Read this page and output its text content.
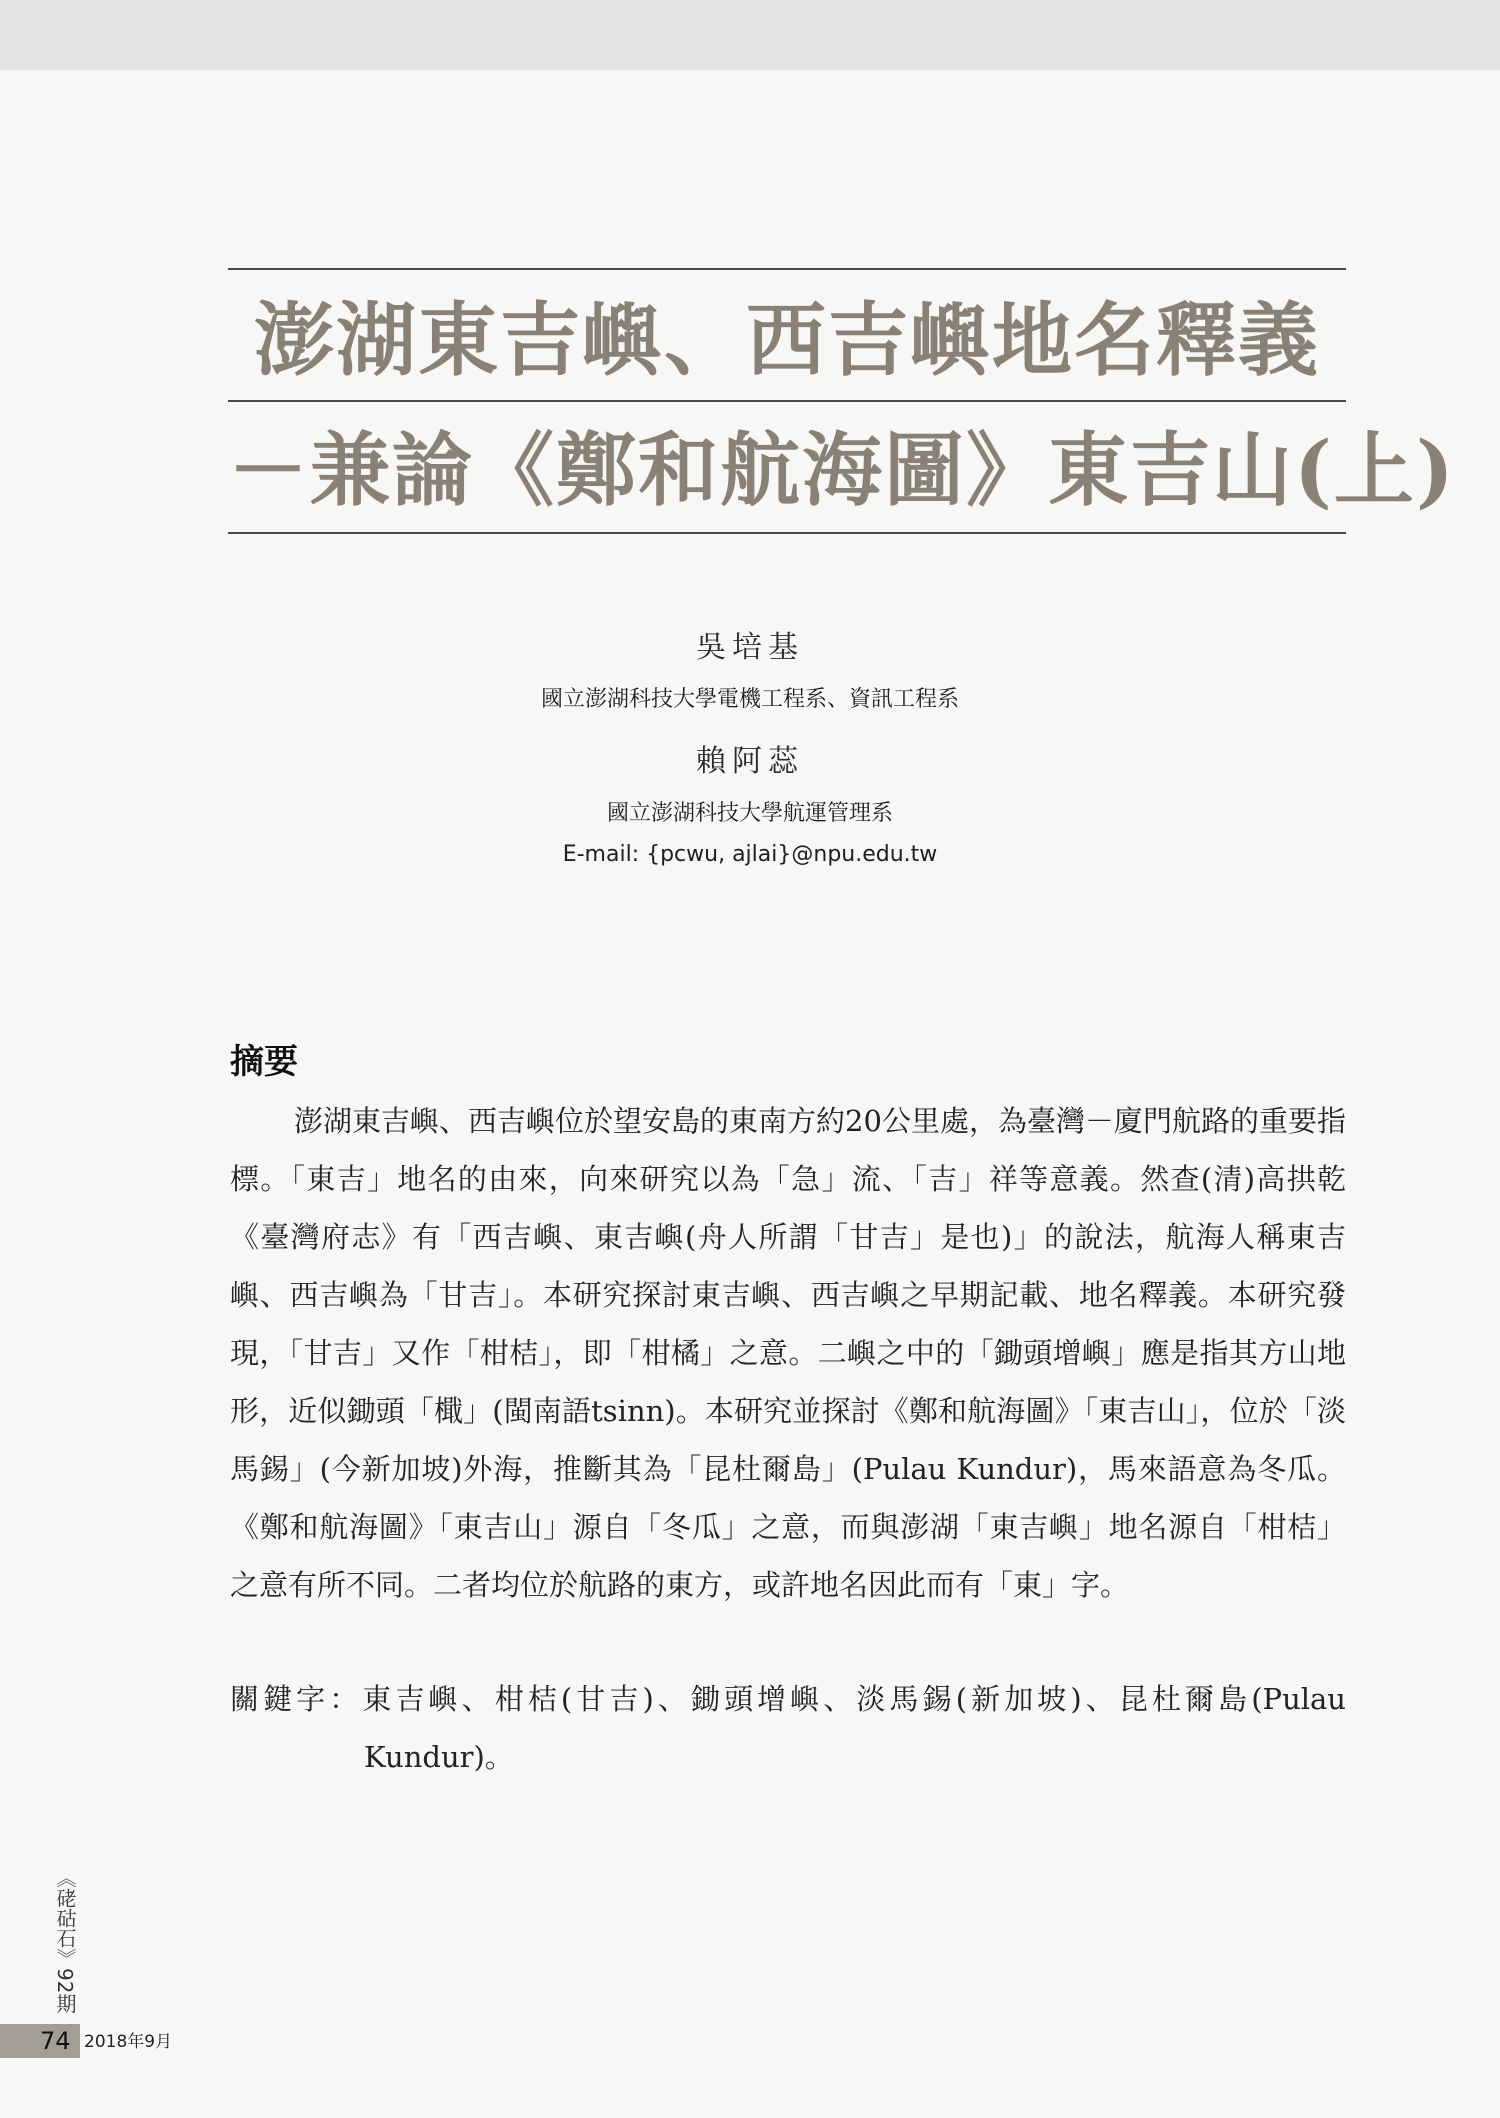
澎湖東吉嶼、西吉嶼地名釋義
－兼論《鄭和航海圖》東吉山(上)
吳培基
國立澎湖科技大學電機工程系、資訊工程系
賴阿蕊
國立澎湖科技大學航運管理系
E-mail: {pcwu, ajlai}@npu.edu.tw
摘要

澎湖東吉嶼、西吉嶼位於望安島的東南方約20公里處，為臺灣－廈門航路的重要指標。「東吉」地名的由來，向來研究以為「急」流、「吉」祥等意義。然查(清)高拱乾《臺灣府志》有「西吉嶼、東吉嶼(舟人所謂「甘吉」是也)」的說法，航海人稱東吉嶼、西吉嶼為「甘吉」。本研究探討東吉嶼、西吉嶼之早期記載、地名釋義。本研究發現，「甘吉」又作「柑桔」，即「柑橘」之意。二嶼之中的「鋤頭增嶼」應是指其方山地形，近似鋤頭「檝」(閩南語tsinn)。本研究並探討《鄭和航海圖》「東吉山」，位於「淡馬錫」(今新加坡)外海，推斷其為「昆杜爾島」(Pulau Kundur)，馬來語意為冬瓜。《鄭和航海圖》「東吉山」源自「冬瓜」之意，而與澎湖「東吉嶼」地名源自「柑桔」之意有所不同。二者均位於航路的東方，或許地名因此而有「東」字。

關鍵字：東吉嶼、柑桔(甘吉)、鋤頭增嶼、淡馬錫(新加坡)、昆杜爾島(Pulau Kundur)。

《硓𥑮石》92期
74 2018年9月
